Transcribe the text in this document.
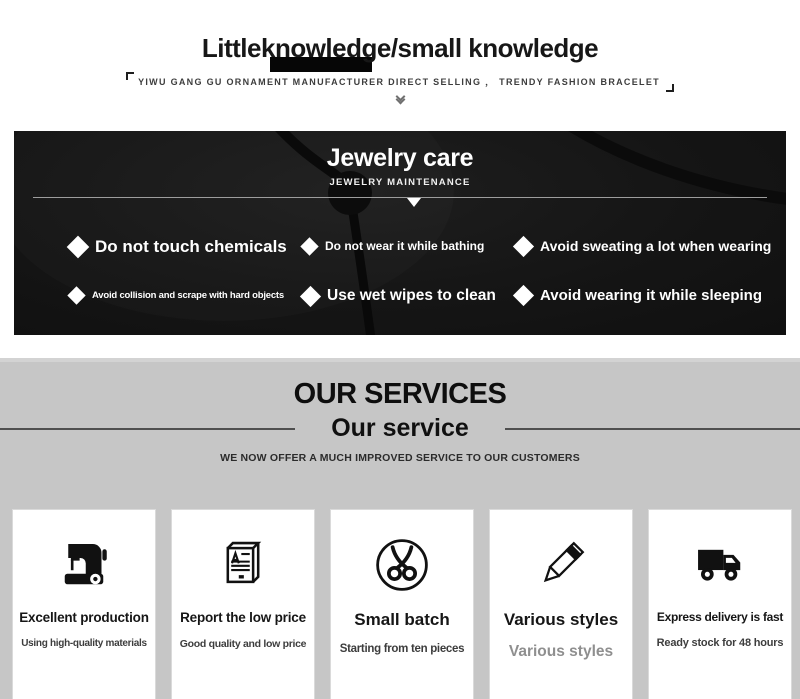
Littleknowledge/small knowledge
YIWU GANG GU ORNAMENT MANUFACTURER DIRECT SELLING ， TRENDY FASHION BRACELET
Jewelry care
JEWELRY MAINTENANCE
Do not touch chemicals	Do not wear it while bathing	Avoid sweating a lot when wearing
Avoid collision and scrape with hard objects	Use wet wipes to clean	Avoid wearing it while sleeping
OUR SERVICES
Our service
WE NOW OFFER A MUCH IMPROVED SERVICE TO OUR CUSTOMERS
Excellent production
Using high-quality materials
Report the low price
Good quality and low price
Small batch
Starting from ten pieces
Various styles
Various styles
Express delivery is fast
Ready stock for 48 hours
